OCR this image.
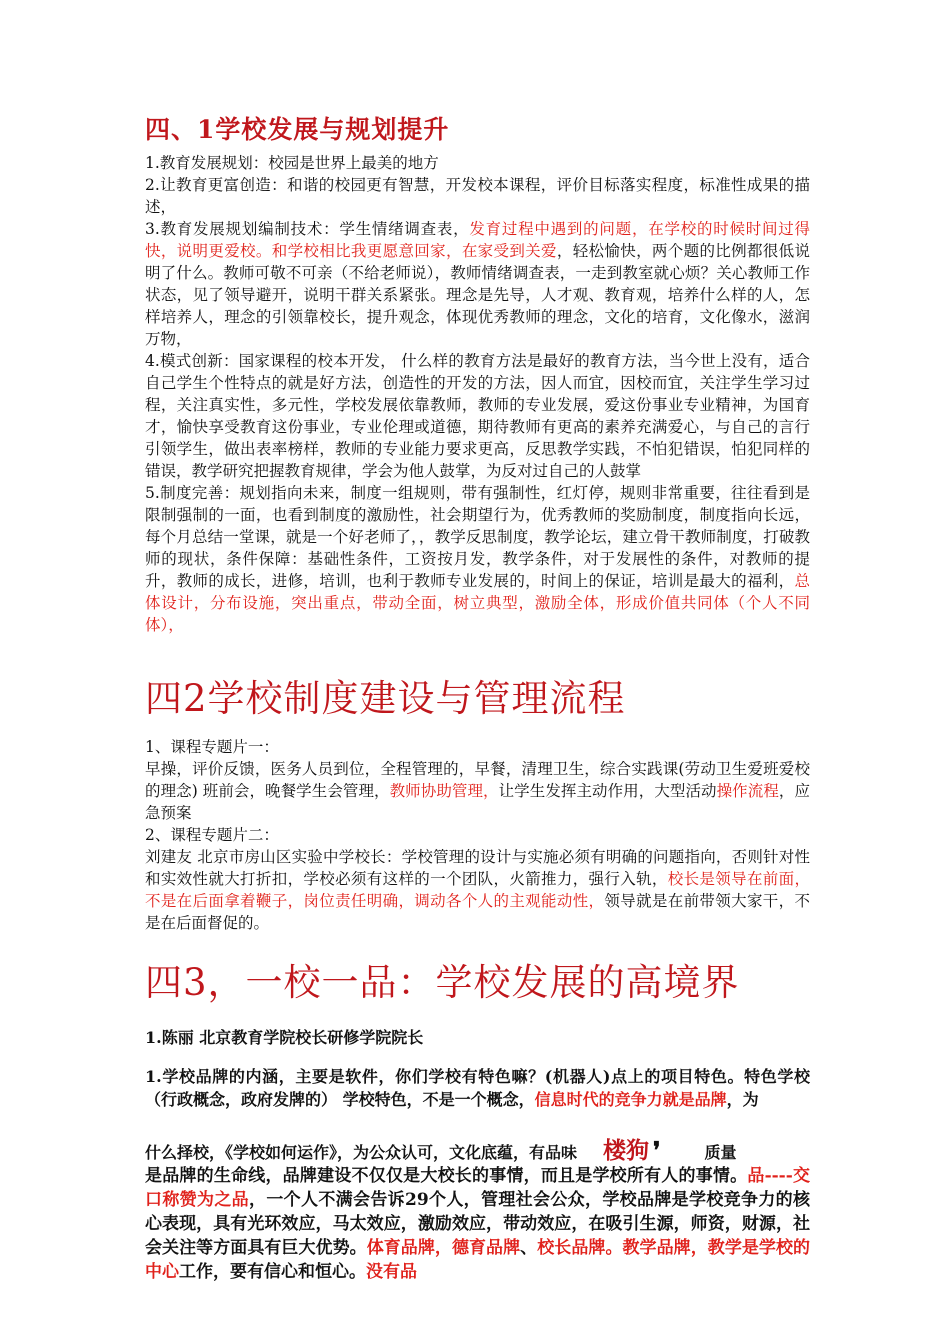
四、1学校发展与规划提升

1.教育发展规划：校园是世界上最美的地方

2.让教育更富创造：和谐的校园更有智慧，开发校本课程，评价目标落实程度，标准性成果的描述，

3.教育发展规划编制技术：学生情绪调查表，发育过程中遇到的问题，在学校的时候时间过得快，说明更爱校。和学校相比我更愿意回家，在家受到关爱，轻松愉快，两个题的比例都很低说明了什么。教师可敬不可亲（不给老师说），教师情绪调查表，一走到教室就心烦？关心教师工作状态，见了领导避开，说明干群关系紧张。理念是先导，人才观、教育观，培养什么样的人，怎样培养人，理念的引领靠校长，提升观念，体现优秀教师的理念，文化的培育，文化像水，滋润万物，

4.模式创新：国家课程的校本开发， 什么样的教育方法是最好的教育方法，当今世上没有，适合自己学生个性特点的就是好方法，创造性的开发的方法，因人而宜，因校而宜，关注学生学习过程，关注真实性，多元性，学校发展依靠教师，教师的专业发展，爱这份事业专业精神，为国育才，愉快享受教育这份事业，专业伦理或道德，期待教师有更高的素养充满爱心，与自己的言行引领学生，做出表率榜样，教师的专业能力要求更高，反思教学实践，不怕犯错误，怕犯同样的错误，教学研究把握教育规律，学会为他人鼓掌，为反对过自己的人鼓掌

5.制度完善：规划指向未来，制度一组规则，带有强制性，红灯停，规则非常重要，往往看到是限制强制的一面，也看到制度的激励性，社会期望行为，优秀教师的奖励制度，制度指向长远，每个月总结一堂课，就是一个好老师了，，教学反思制度，教学论坛，建立骨干教师制度，打破教师的现状，条件保障：基础性条件，工资按月发，教学条件，对于发展性的条件，对教师的提升，教师的成长，进修，培训，也利于教师专业发展的，时间上的保证，培训是最大的福利，总体设计，分布设施，突出重点，带动全面，树立典型，激励全体，形成价值共同体（个人不同体），

四2学校制度建设与管理流程

1、课程专题片一：

早操，评价反馈，医务人员到位，全程管理的，早餐，清理卫生，综合实践课(劳动卫生爱班爱校的理念) 班前会，晚餐学生会管理，教师协助管理，让学生发挥主动作用，大型活动操作流程，应急预案

2、课程专题片二：

刘建友 北京市房山区实验中学校长：学校管理的设计与实施必须有明确的问题指向，否则针对性和实效性就大打折扣，学校必须有这样的一个团队，火箭推力，强行入轨，校长是领导在前面，不是在后面拿着鞭子，岗位责任明确，调动各个人的主观能动性，领导就是在前带领大家干，不是在后面督促的。

四3，一校一品：学校发展的高境界

1.陈丽 北京教育学院校长研修学院院长

1.学校品牌的内涵，主要是软件，你们学校有特色嘛？(机器人)点上的项目特色。特色学校（行政概念，政府发牌的） 学校特色，不是一个概念，信息时代的竞争力就是品牌，为

什么择校，《学校如何运作》，为公众认可，文化底蕴，有品味 楼狗 ❜	质量

是品牌的生命线，品牌建设不仅仅是大校长的事情，而且是学校所有人的事情。品----交口称赞为之品，一个人不满会告诉29个人，管理社会公众，学校品牌是学校竞争力的核心表现，具有光环效应，马太效应，激励效应，带动效应，在吸引生源，师资，财源，社会关注等方面具有巨大优势。体育品牌，德育品牌、校长品牌。教学品牌，教学是学校的中心工作，要有信心和恒心。没有品
